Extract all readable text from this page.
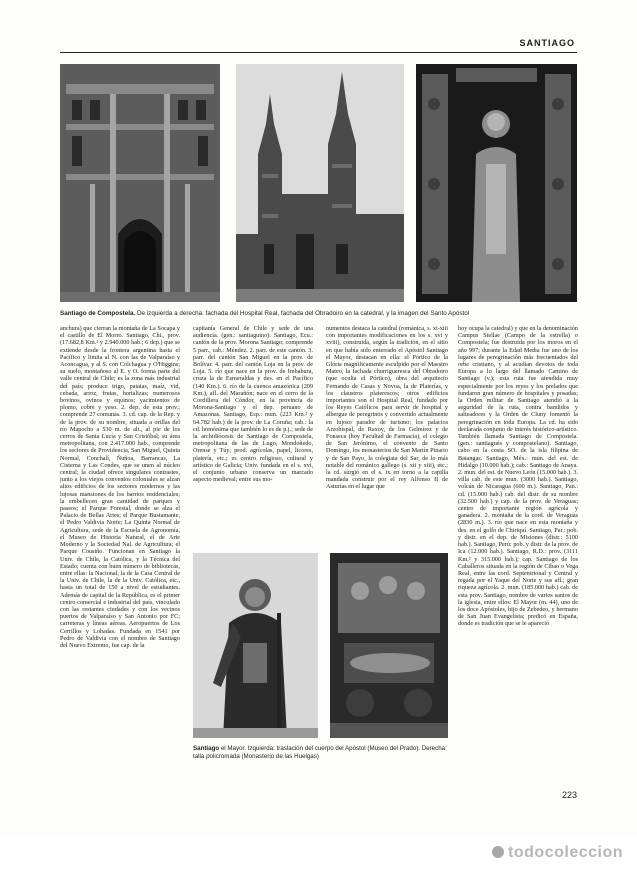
SANTIAGO
Santiago de Compostela. De izquierda a derecha: fachada del Hospital Real, fachada del Obradoiro en la catedral, y la imagen del Santo Apóstol

anchura) que cierran la montaña de La Socapa y el castillo de El Morro. Santiago, Chi., prov. (17.682,8 Km.² y 2.940.000 hab.; 6 dep.) que se extiende desde la frontera argentina hasta el Pacífico y limita al N. con las de Valparaíso y Aconcagua, y al S. con Colchagua y O'Higgins; su suelo, montañoso al E. y O. forma parte del valle central de Chile; es la zona más industrial del país; produce trigo, patatas, maíz, vid, cebada, arroz, frutas, hortalizas; numerosos bovinos, ovinos y equinos; yacimientos de plomo, cobre y yeso. 2. dep. de esta prov.; comprende 27 comunas. 3. cd. cap. de la Rep. y de la prov. de su nombre, situada a orillas del río Mapocho a 530 m. de alt., al pie de los cerros de Santa Lucía y San Cristóbal; su área metropolitana, con 2.417.000 hab., comprende los sectores de Providencia, San Miguel, Quinta Normal, Conchalí, Ñuñoa, Barrancas, La Cisterna y Las Condes, que se unen al núcleo central; la ciudad ofrece singulares contrastes, junto a los viejos conventos coloniales se alzan altos edificios de los sectores modernos y las lujosas mansiones de los barrios residenciales; la embellecen gran cantidad de parques y paseos; el Parque Forestal, donde se alza el Palacio de Bellas Artes; el Parque Bustamante, el Pedro Valdivia Norte; La Quinta Normal de Agricultura, sede de la Escuela de Agronomía, el Museo de Historia Natural, el de Arte Moderno y la Sociedad Nal. de Agricultura; el Parque Cousiño. Funcionan en Santiago la Univ. de Chile, la Católica, y la Técnica del Estado; cuenta con buen número de bibliotecas, entre ellas: la Nacional, la de la Casa Central de la Univ. de Chile, la de la Univ. Católica, etc., hasta un total de 150 a nivel de estudiantes. Además de capital de la República, es el primer centro comercial e industrial del país, vinculado con las restantes ciudades y con los vecinos puertos de Valparaíso y San Antonio por FC; carreteras y líneas aéreas. Aeropuertos de Los Cerrillos y Lobadas. Fundada en 1541 por Pedro de Valdivia con el nombre de Santiago del Nuevo Extremo, fue cap. de la

capitanía General de Chile y sede de una audiencia. (gen.: santiaguino). Santiago, Ecu.: cantón de la prov. Morona Santiago; comprende 5 parr., cab.: Méndez. 2. parr. de este cantón. 3. parr. del cantón San Miguel en la prov. de Bolívar. 4. parr. del cantón Loja en la prov. de Loja. 5. río que nace en la prov. de Imbabura, cruza la de Esmeraldas y des. en el Pacífico (140 Km.). 6. río de la cuenca amazónica (209 Km.), afl. del Marañón; nace en el cerro de la Cordillera del Cóndor, en la provincia de Morona-Santiago y el dep. peruano de Amazonas. Santiago, Esp.: mun. (223 Km.² y 64.782 hab.) de la prov. de La Coruña; cab.: la cd. homónima que también lo es de p.j.; sede de la archidiócesis de Santiago de Compostela, metropolitana de las de Lugo, Mondoñedo, Orense y Túy; prod. agrícolas, papel, licores, platería, etc.; es centro religioso, cultural y artístico de Galicia; Univ. fundada en el s. xvi, el conjunto urbano conserva un marcado aspecto medieval; entre sus mo-

numentos destaca la catedral (románica, s. xi-xiii con importantes modificaciones en los s. xvi y xviii), construida, según la tradición, en el sitio en que había sido enterrado el Apóstol Santiago el Mayor, destacan en ella: el Pórtico de la Gloria magníficamente esculpido por el Maestro Mateo, la fachada churrigueresca del Obradoiro (que oculta el Pórtico), obra del arquitecto Fernando de Casas y Novoa, la de Platerías, y los claustros platerescos; otros edificios importantes son el Hospital Real, fundado por los Reyes Católicos para servir de hospital y albergue de peregrinos y convertido actualmente en lujoso parador de turismo; los palacios Arzobispal, de Raxoy, de los Gelmírez y de Fonseca (hoy Facultad de Farmacia), el colegio de San Jerónimo, el convento de Santo Domingo, los monasterios de San Martín Pinario y de San Payo, la colegiata del Sar, de lo más notable del románico gallego (s. xii y xiii), etc.; la cd. surgió en el s. ix en torno a la capilla mandada construir por el rey Alfonso II de Asturias en el lugar que

hoy ocupa la catedral) y que en la denominación Campus Stellae (Campo de la estrella) o Compostela; fue destruida por los moros en el año 997; durante la Edad Media fue uno de los lugares de peregrinación más frecuentados del orbe cristiano, y al acudían devotos de toda Europa a lo largo del llamado Camino de Santiago (v.); esta ruta fue atendida muy especialmente por los reyes y los prelados que fundaron gran número de hospitales y posadas; la Orden militar de Santiago atendió a la seguridad de la ruta, contra bandidos y salteadores y la Orden de Cluny fomentó la peregrinación en toda Europa. La cd. ha sido declarada conjunto de interés histórico-artístico. También llamada Santiago de Compostela. (gen.: santiagués y compostelano). Santiago, cabo en la costa SO. de la isla filipina de Batangas. Santiago, Méx.: mun. del est. de Hidalgo (10.000 hab.); cab.: Santiago de Anaya. 2. mun. del est. de Nuevo León (15.000 hab.). 3. villa cab. de este mun. (3000 hab.). Santiago, volcán de Nicaragua (600 m.). Santiago, Pan.: cd. (15.000 hab.) cab. del distr. de su nombre (32.500 hab.) y cap. de la prov. de Veraguas; centro de importante región agrícola y ganadera. 2. montaña de la cord. de Veraguas (2830 m.). 3. río que nace en esta montaña y des. en el golfo de Chiriquí. Santiago, Par.: pob. y distr. en el dep. de Misiones (distr.: 5100 hab.). Santiago, Perú: pob. y distr. de la prov. de Ica (12.000 hab.). Santiago, R.D.: prov. (3111 Km.² y 315.000 hab.); cap. Santiago de los Caballeros situada en la región de Cibao o Vega Real, entre las cord. Septentrional y Central y regada por el Yaque del Norte y sus afl.; gran riqueza agrícola. 2. mun. (185.000 hab.) cab. de esta prov. Santiago, nombre de varios santos de la iglesia, entre ellos: El Mayor (m. 44), uno de los doce Apóstoles, hijo de Zebedeo, y hermano de San Juan Evangelista; predicó en España, donde es tradición que se le apareció

Santiago el Mayor. Izquierda: traslación del cuerpo del Apóstol (Museo del Prado). Derecha: talla policromada (Monasterio de las Huelgas)
223
todocoleccion
